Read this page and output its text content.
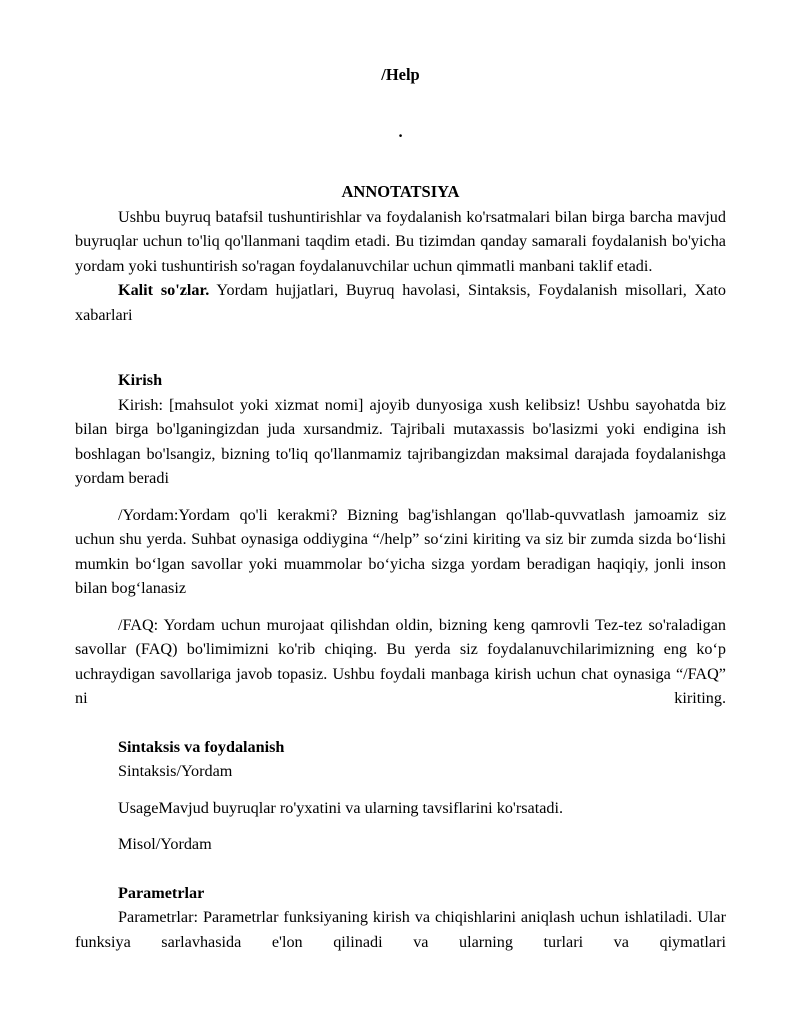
/Help
.
ANNOTATSIYA

Ushbu buyruq batafsil tushuntirishlar va foydalanish ko'rsatmalari bilan birga barcha mavjud buyruqlar uchun to'liq qo'llanmani taqdim etadi. Bu tizimdan qanday samarali foydalanish bo'yicha yordam yoki tushuntirish so'ragan foydalanuvchilar uchun qimmatli manbani taklif etadi.

Kalit so'zlar. Yordam hujjatlari, Buyruq havolasi, Sintaksis, Foydalanish misollari, Xato xabarlari

Kirish

Kirish: [mahsulot yoki xizmat nomi] ajoyib dunyosiga xush kelibsiz! Ushbu sayohatda biz bilan birga bo'lganingizdan juda xursandmiz. Tajribali mutaxassis bo'lasizmi yoki endigina ish boshlagan bo'lsangiz, bizning to'liq qo'llanmamiz tajribangizdan maksimal darajada foydalanishga yordam beradi

/Yordam:Yordam qo'li kerakmi? Bizning bag'ishlangan qo'llab-quvvatlash jamoamiz siz uchun shu yerda. Suhbat oynasiga oddiygina “/help” soʻzini kiriting va siz bir zumda sizda boʻlishi mumkin boʻlgan savollar yoki muammolar boʻyicha sizga yordam beradigan haqiqiy, jonli inson bilan bogʻlanasiz

/FAQ: Yordam uchun murojaat qilishdan oldin, bizning keng qamrovli Tez-tez so'raladigan savollar (FAQ) bo'limimizni ko'rib chiqing. Bu yerda siz foydalanuvchilarimizning eng koʻp uchraydigan savollariga javob topasiz. Ushbu foydali manbaga kirish uchun chat oynasiga “/FAQ” ni kiriting.

Sintaksis va foydalanish
Sintaksis/Yordam
UsageMavjud buyruqlar ro'yxatini va ularning tavsiflarini ko'rsatadi.
Misol/Yordam
Parametrlar

Parametrlar: Parametrlar funksiyaning kirish va chiqishlarini aniqlash uchun ishlatiladi. Ular funksiya sarlavhasida e'lon qilinadi va ularning turlari va qiymatlari
